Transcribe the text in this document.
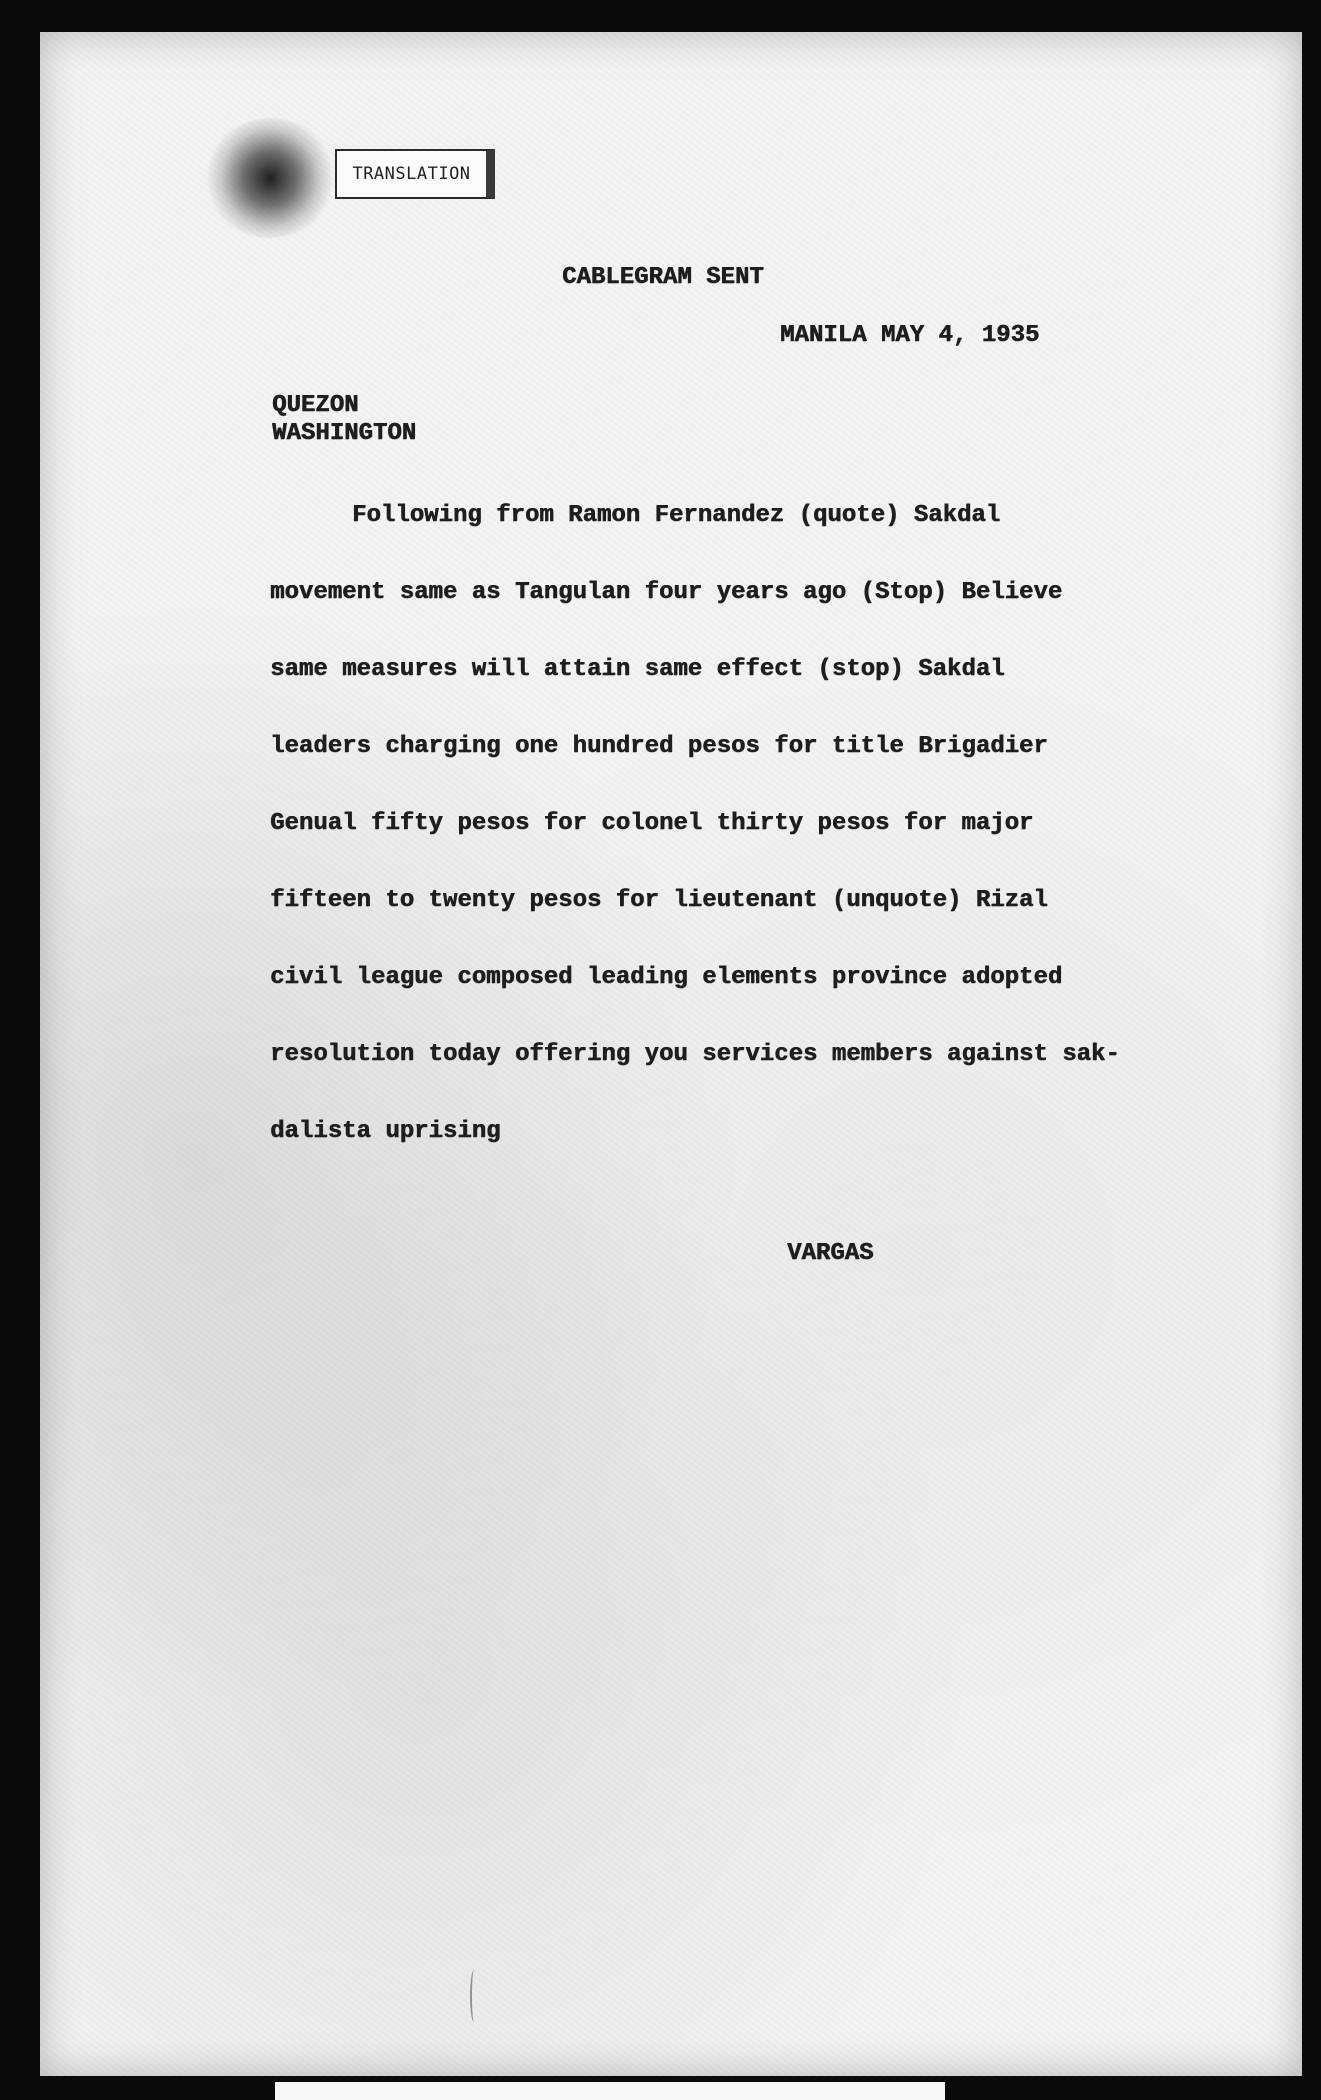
TRANSLATION
CABLEGRAM SENT
MANILA MAY 4, 1935
QUEZON
WASHINGTON
Following from Ramon Fernandez (quote) Sakdal
movement same as Tangulan four years ago (Stop) Believe
same measures will attain same effect (stop) Sakdal
leaders charging one hundred pesos for title Brigadier
Genual fifty pesos for colonel thirty pesos for major
fifteen to twenty pesos for lieutenant (unquote) Rizal
civil league composed leading elements province adopted
resolution today offering you services members against sak-
dalista uprising
VARGAS
